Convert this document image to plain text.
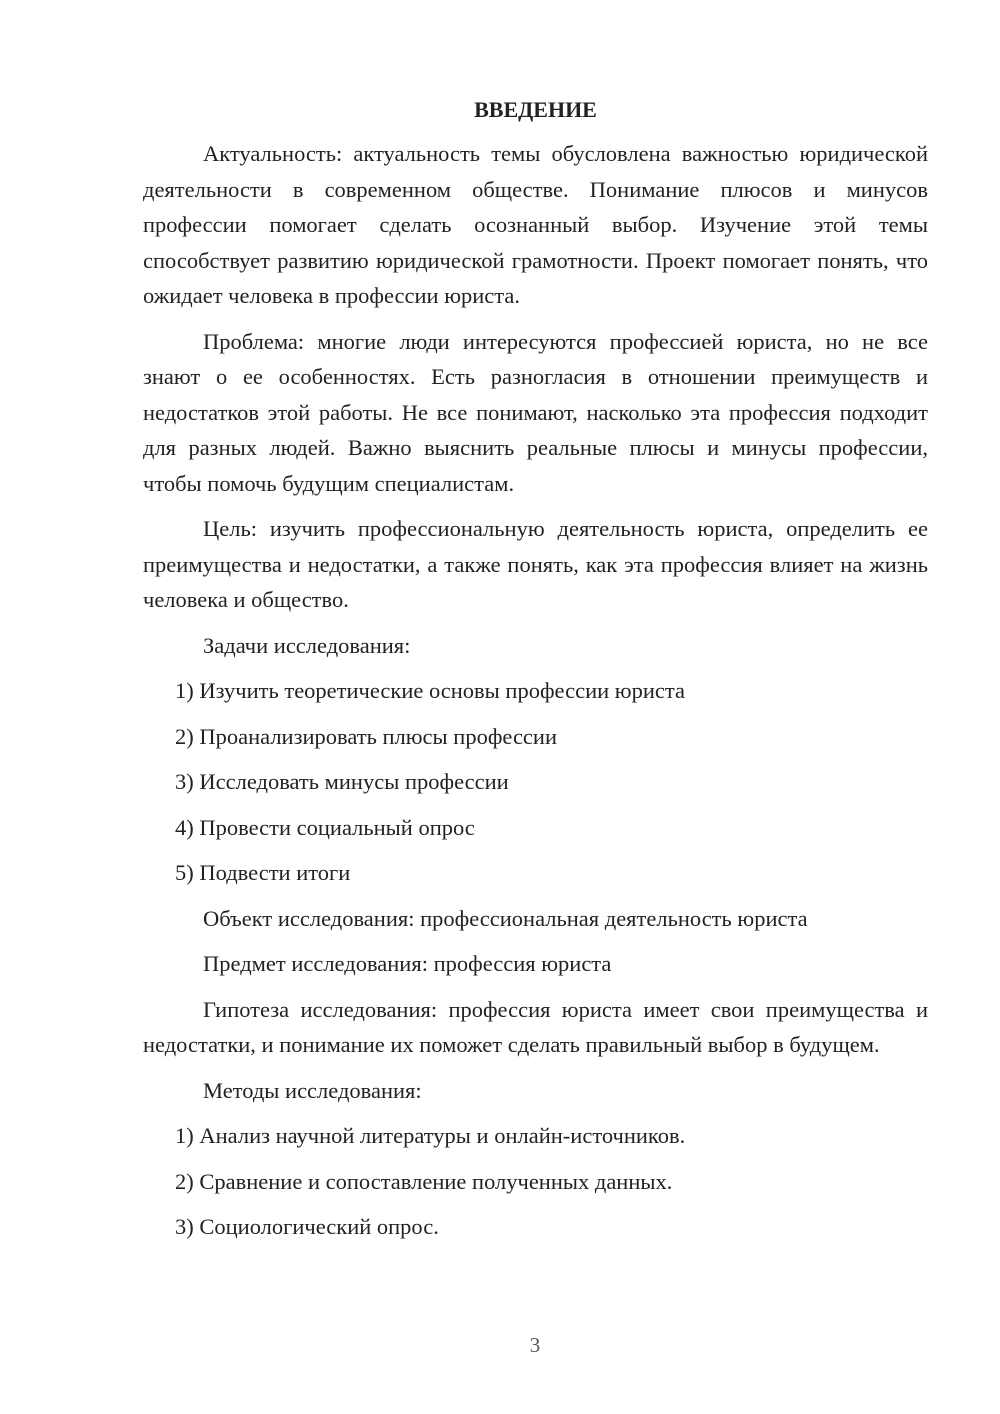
ВВЕДЕНИЕ
Актуальность: актуальность темы обусловлена важностью юридической деятельности в современном обществе. Понимание плюсов и минусов профессии помогает сделать осознанный выбор. Изучение этой темы способствует развитию юридической грамотности. Проект помогает понять, что ожидает человека в профессии юриста.
Проблема: многие люди интересуются профессией юриста, но не все знают о ее особенностях. Есть разногласия в отношении преимуществ и недостатков этой работы. Не все понимают, насколько эта профессия подходит для разных людей. Важно выяснить реальные плюсы и минусы профессии, чтобы помочь будущим специалистам.
Цель: изучить профессиональную деятельность юриста, определить ее преимущества и недостатки, а также понять, как эта профессия влияет на жизнь человека и общество.
Задачи исследования:
1) Изучить теоретические основы профессии юриста
2) Проанализировать плюсы профессии
3) Исследовать минусы профессии
4) Провести социальный опрос
5) Подвести итоги
Объект исследования: профессиональная деятельность юриста
Предмет исследования: профессия юриста
Гипотеза исследования: профессия юриста имеет свои преимущества и недостатки, и понимание их поможет сделать правильный выбор в будущем.
Методы исследования:
1) Анализ научной литературы и онлайн-источников.
2) Сравнение и сопоставление полученных данных.
3) Социологический опрос.
3
